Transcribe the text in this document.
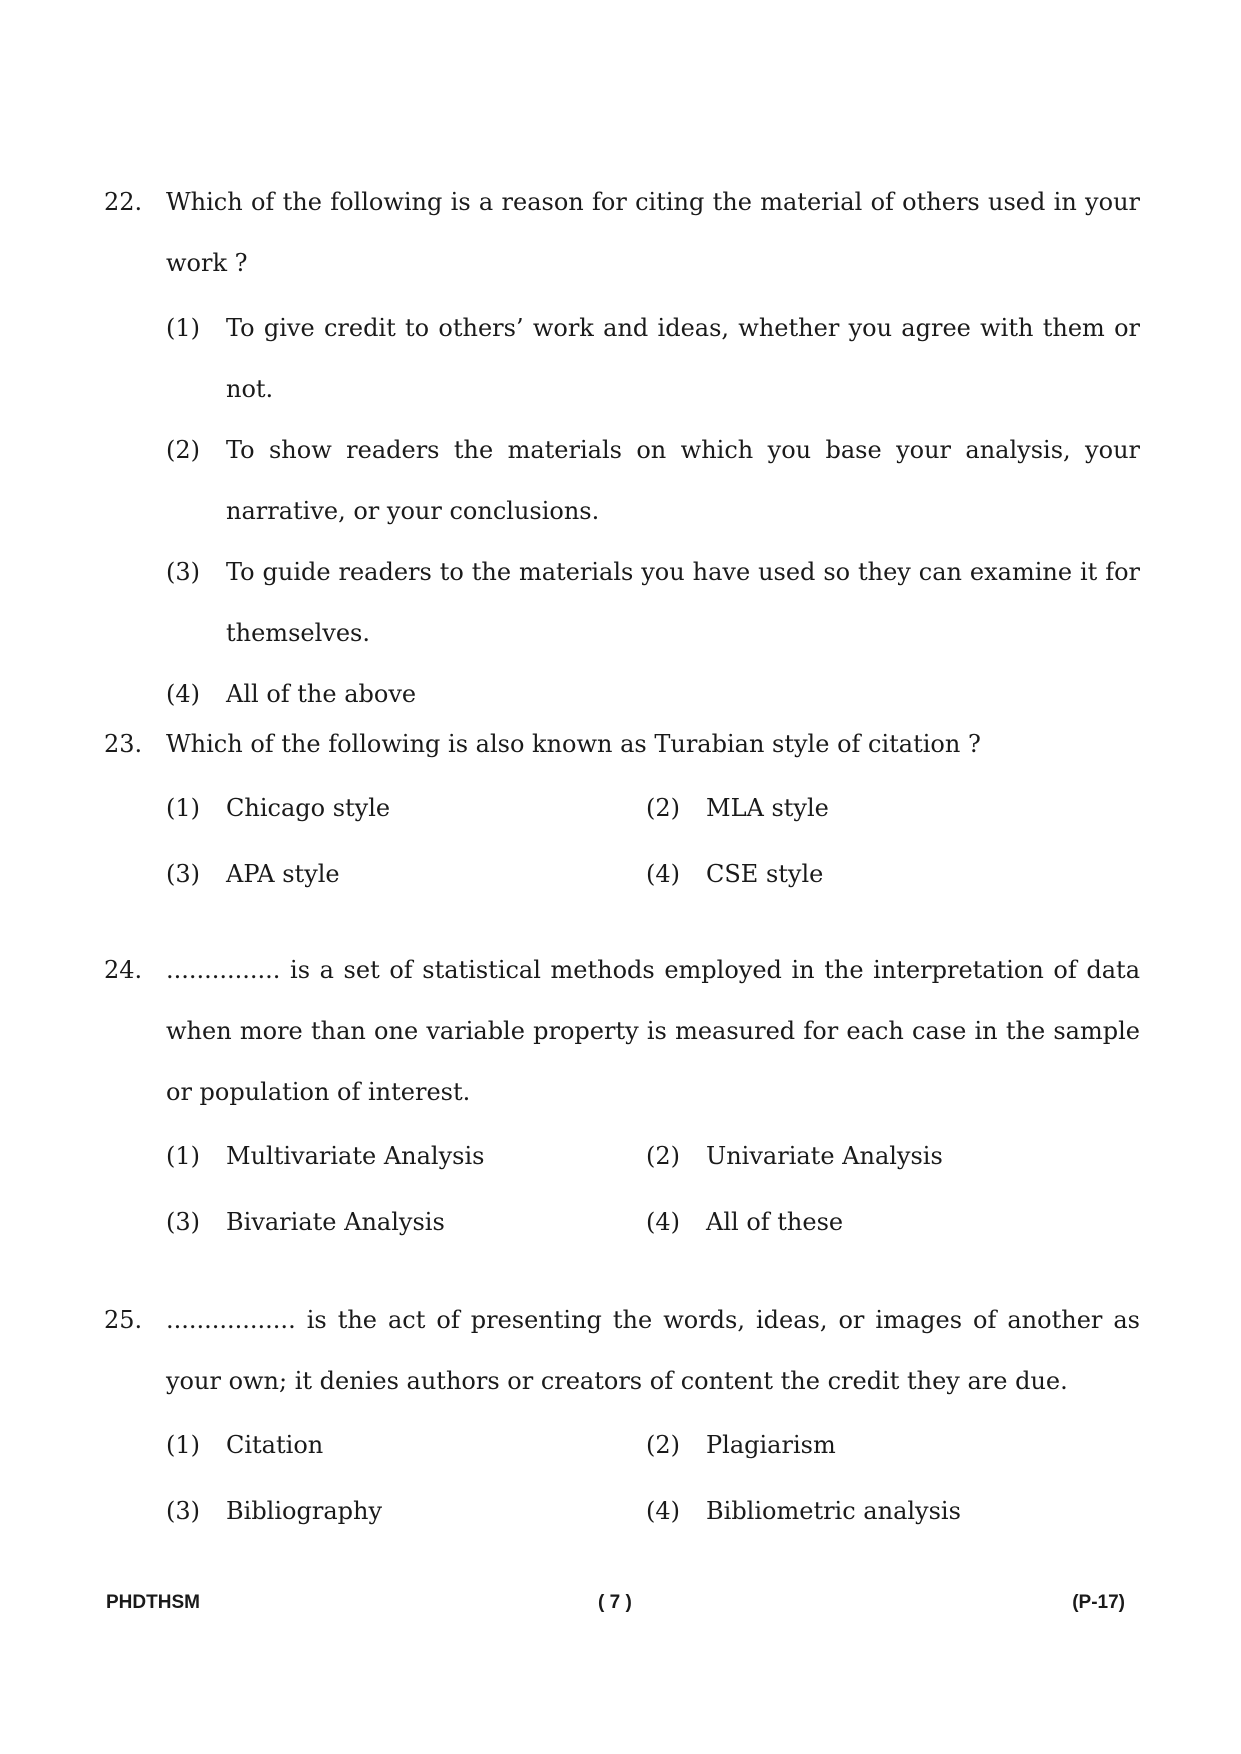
22. Which of the following is a reason for citing the material of others used in your work ?
(1) To give credit to others’ work and ideas, whether you agree with them or not.
(2) To show readers the materials on which you base your analysis, your narrative, or your conclusions.
(3) To guide readers to the materials you have used so they can examine it for themselves.
(4) All of the above
23. Which of the following is also known as Turabian style of citation ?
(1) Chicago style	(2) MLA style
(3) APA style	(4) CSE style
24. ............... is a set of statistical methods employed in the interpretation of data when more than one variable property is measured for each case in the sample or population of interest.
(1) Multivariate Analysis	(2) Univariate Analysis
(3) Bivariate Analysis	(4) All of these
25. ................. is the act of presenting the words, ideas, or images of another as your own; it denies authors or creators of content the credit they are due.
(1) Citation	(2) Plagiarism
(3) Bibliography	(4) Bibliometric analysis
PHDTHSM	( 7 )	(P-17)
